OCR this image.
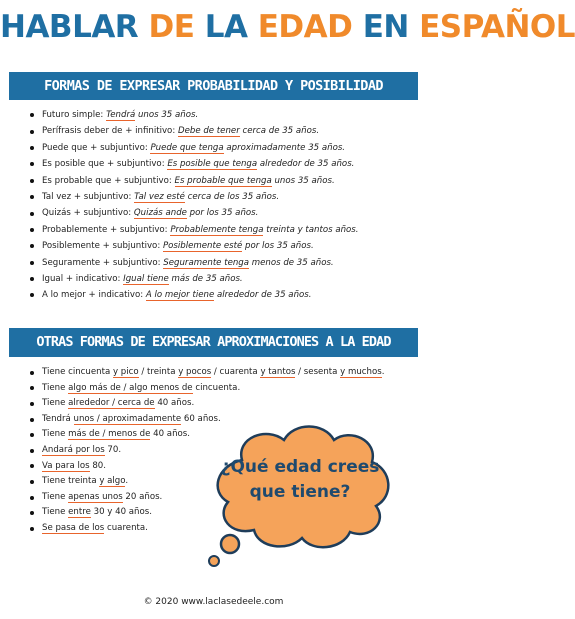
HABLAR DE LA EDAD EN ESPAÑOL
FORMAS DE EXPRESAR PROBABILIDAD Y POSIBILIDAD
Futuro simple: Tendrá unos 35 años.
Perífrasis deber de + infinitivo: Debe de tener cerca de 35 años.
Puede que + subjuntivo: Puede que tenga aproximadamente 35 años.
Es posible que + subjuntivo: Es posible que tenga alrededor de 35 años.
Es probable que + subjuntivo: Es probable que tenga unos 35 años.
Tal vez + subjuntivo: Tal vez esté cerca de los 35 años.
Quizás + subjuntivo: Quizás ande por los 35 años.
Probablemente + subjuntivo: Probablemente tenga treinta y tantos años.
Posiblemente + subjuntivo: Posiblemente esté por los 35 años.
Seguramente + subjuntivo: Seguramente tenga menos de 35 años.
Igual + indicativo: Igual tiene más de 35 años.
A lo mejor + indicativo: A lo mejor tiene alrededor de 35 años.
OTRAS FORMAS DE EXPRESAR APROXIMACIONES A LA EDAD
Tiene cincuenta y pico / treinta y pocos / cuarenta y tantos / sesenta y muchos.
Tiene algo más de / algo menos de cincuenta.
Tiene alrededor / cerca de 40 años.
Tendrá unos / aproximadamente 60 años.
Tiene más de / menos de 40 años.
Andará por los 70.
Va para los 80.
Tiene treinta y algo.
Tiene apenas unos 20 años.
Tiene entre 30 y 40 años.
Se pasa de los cuarenta.
¿Qué edad crees
que tiene?
© 2020 www.laclasedeele.com
